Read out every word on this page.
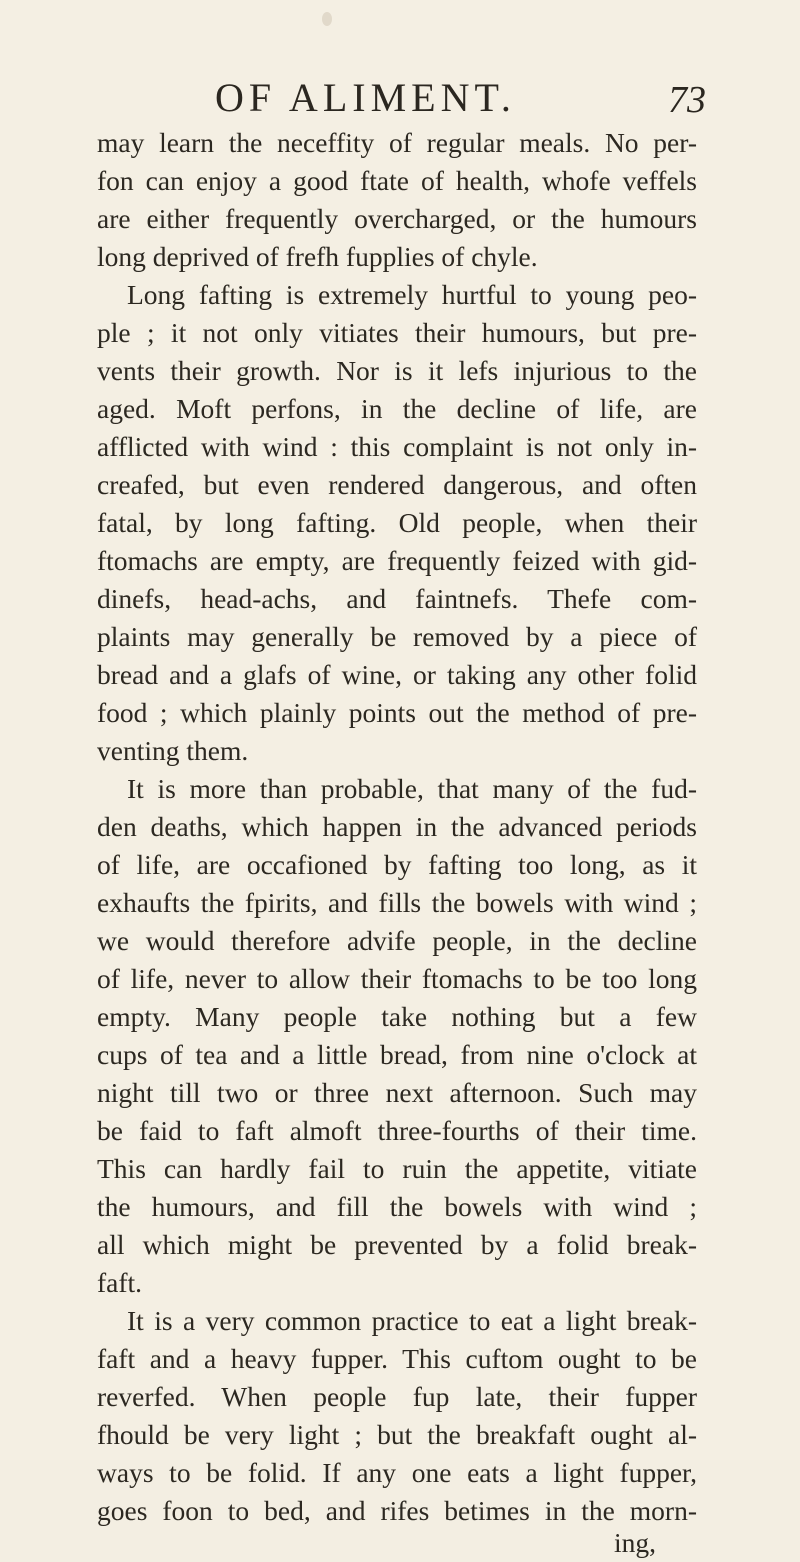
OF ALIMENT.	73
may learn the neceffity of regular meals. No per-
fon can enjoy a good ftate of health, whofe veffels
are either frequently overcharged, or the humours
long deprived of frefh fupplies of chyle.
Long fafting is extremely hurtful to young peo-
ple ; it not only vitiates their humours, but pre-
vents their growth. Nor is it lefs injurious to the
aged. Moft perfons, in the decline of life, are
afflicted with wind : this complaint is not only in-
creafed, but even rendered dangerous, and often
fatal, by long fafting. Old people, when their
ftomachs are empty, are frequently feized with gid-
dinefs, head-achs, and faintnefs. Thefe com-
plaints may generally be removed by a piece of
bread and a glafs of wine, or taking any other folid
food ; which plainly points out the method of pre-
venting them.
It is more than probable, that many of the fud-
den deaths, which happen in the advanced periods
of life, are occafioned by fafting too long, as it
exhaufts the fpirits, and fills the bowels with wind ;
we would therefore advife people, in the decline
of life, never to allow their ftomachs to be too long
empty. Many people take nothing but a few
cups of tea and a little bread, from nine o'clock at
night till two or three next afternoon. Such may
be faid to faft almoft three-fourths of their time.
This can hardly fail to ruin the appetite, vitiate
the humours, and fill the bowels with wind ;
all which might be prevented by a folid break-
faft.
It is a very common practice to eat a light break-
faft and a heavy fupper. This cuftom ought to be
reverfed. When people fup late, their fupper
fhould be very light ; but the breakfaft ought al-
ways to be folid. If any one eats a light fupper,
goes foon to bed, and rifes betimes in the morn-
ing,
